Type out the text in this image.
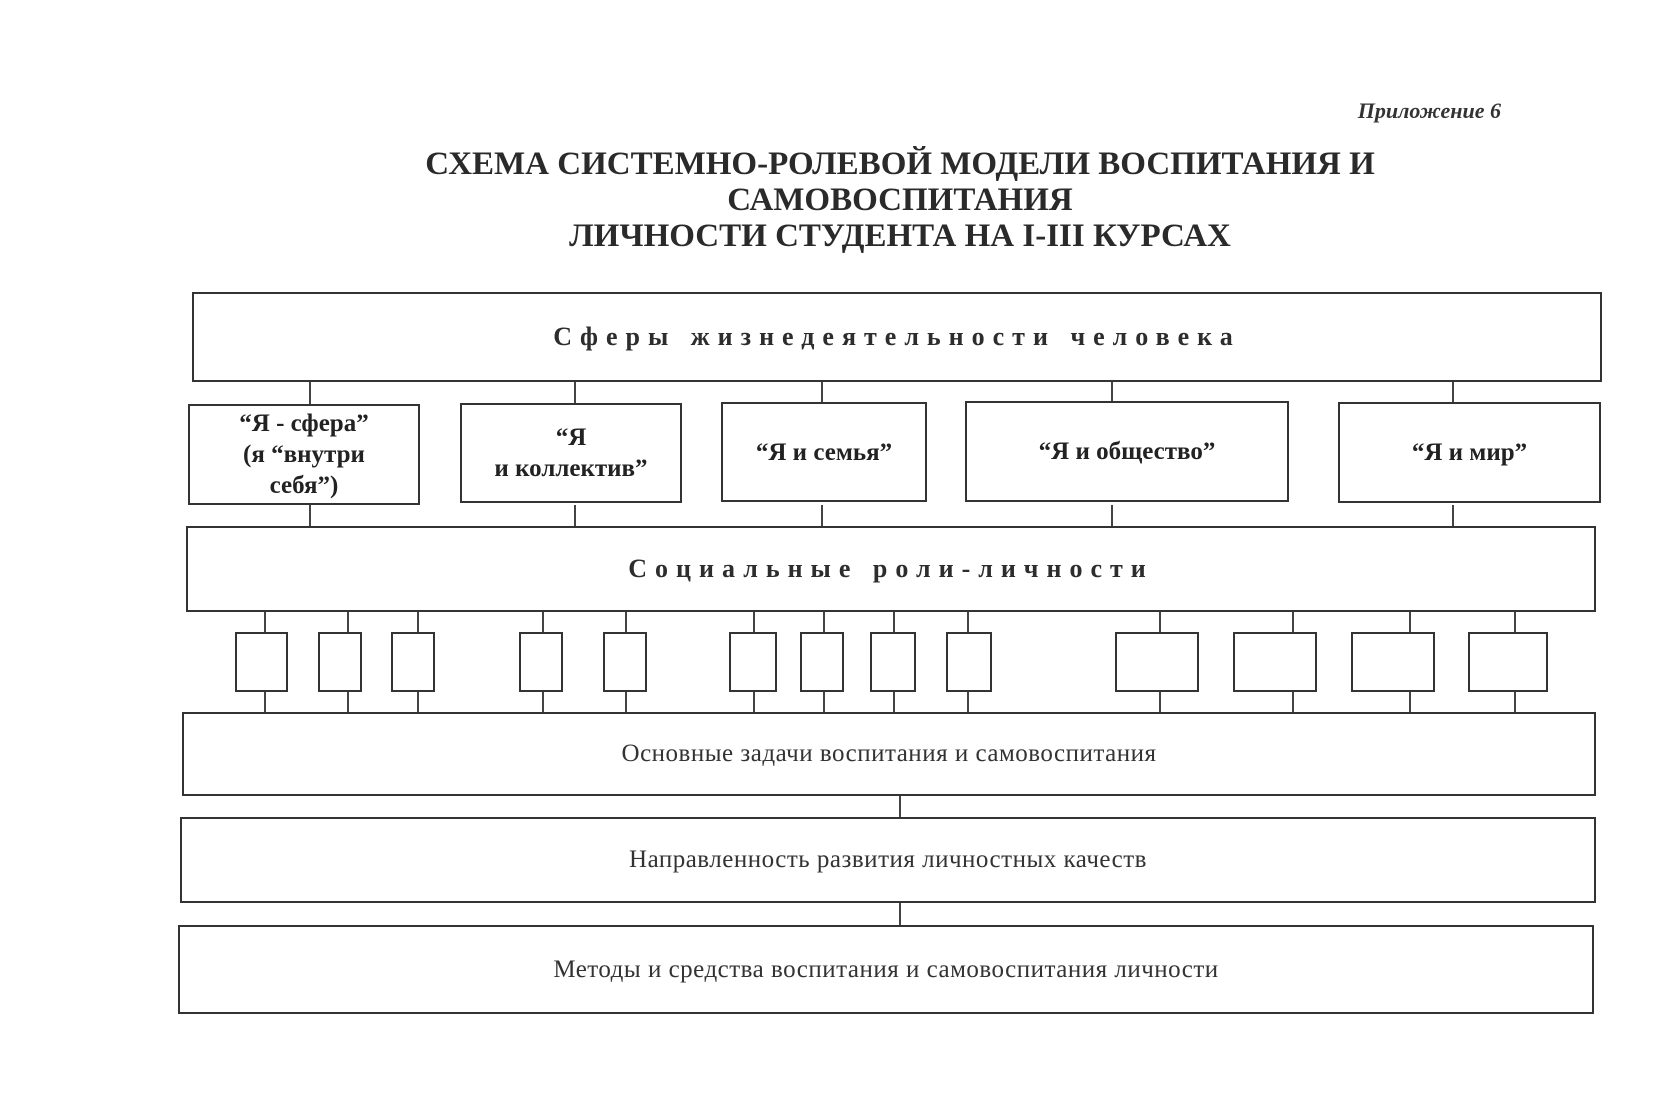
Приложение 6
СХЕМА СИСТЕМНО-РОЛЕВОЙ МОДЕЛИ ВОСПИТАНИЯ И
САМОВОСПИТАНИЯ
ЛИЧНОСТИ СТУДЕНТА НА I-III КУРСАХ
Сферы жизнедеятельности человека
“Я - сфера”
(я “внутри
себя”)
“Я
и коллектив”
“Я и семья”	“Я и общество”	“Я и мир”
Социальные роли-личности
Основные задачи воспитания и самовоспитания
Направленность развития личностных качеств
Методы и средства воспитания и самовоспитания личности
